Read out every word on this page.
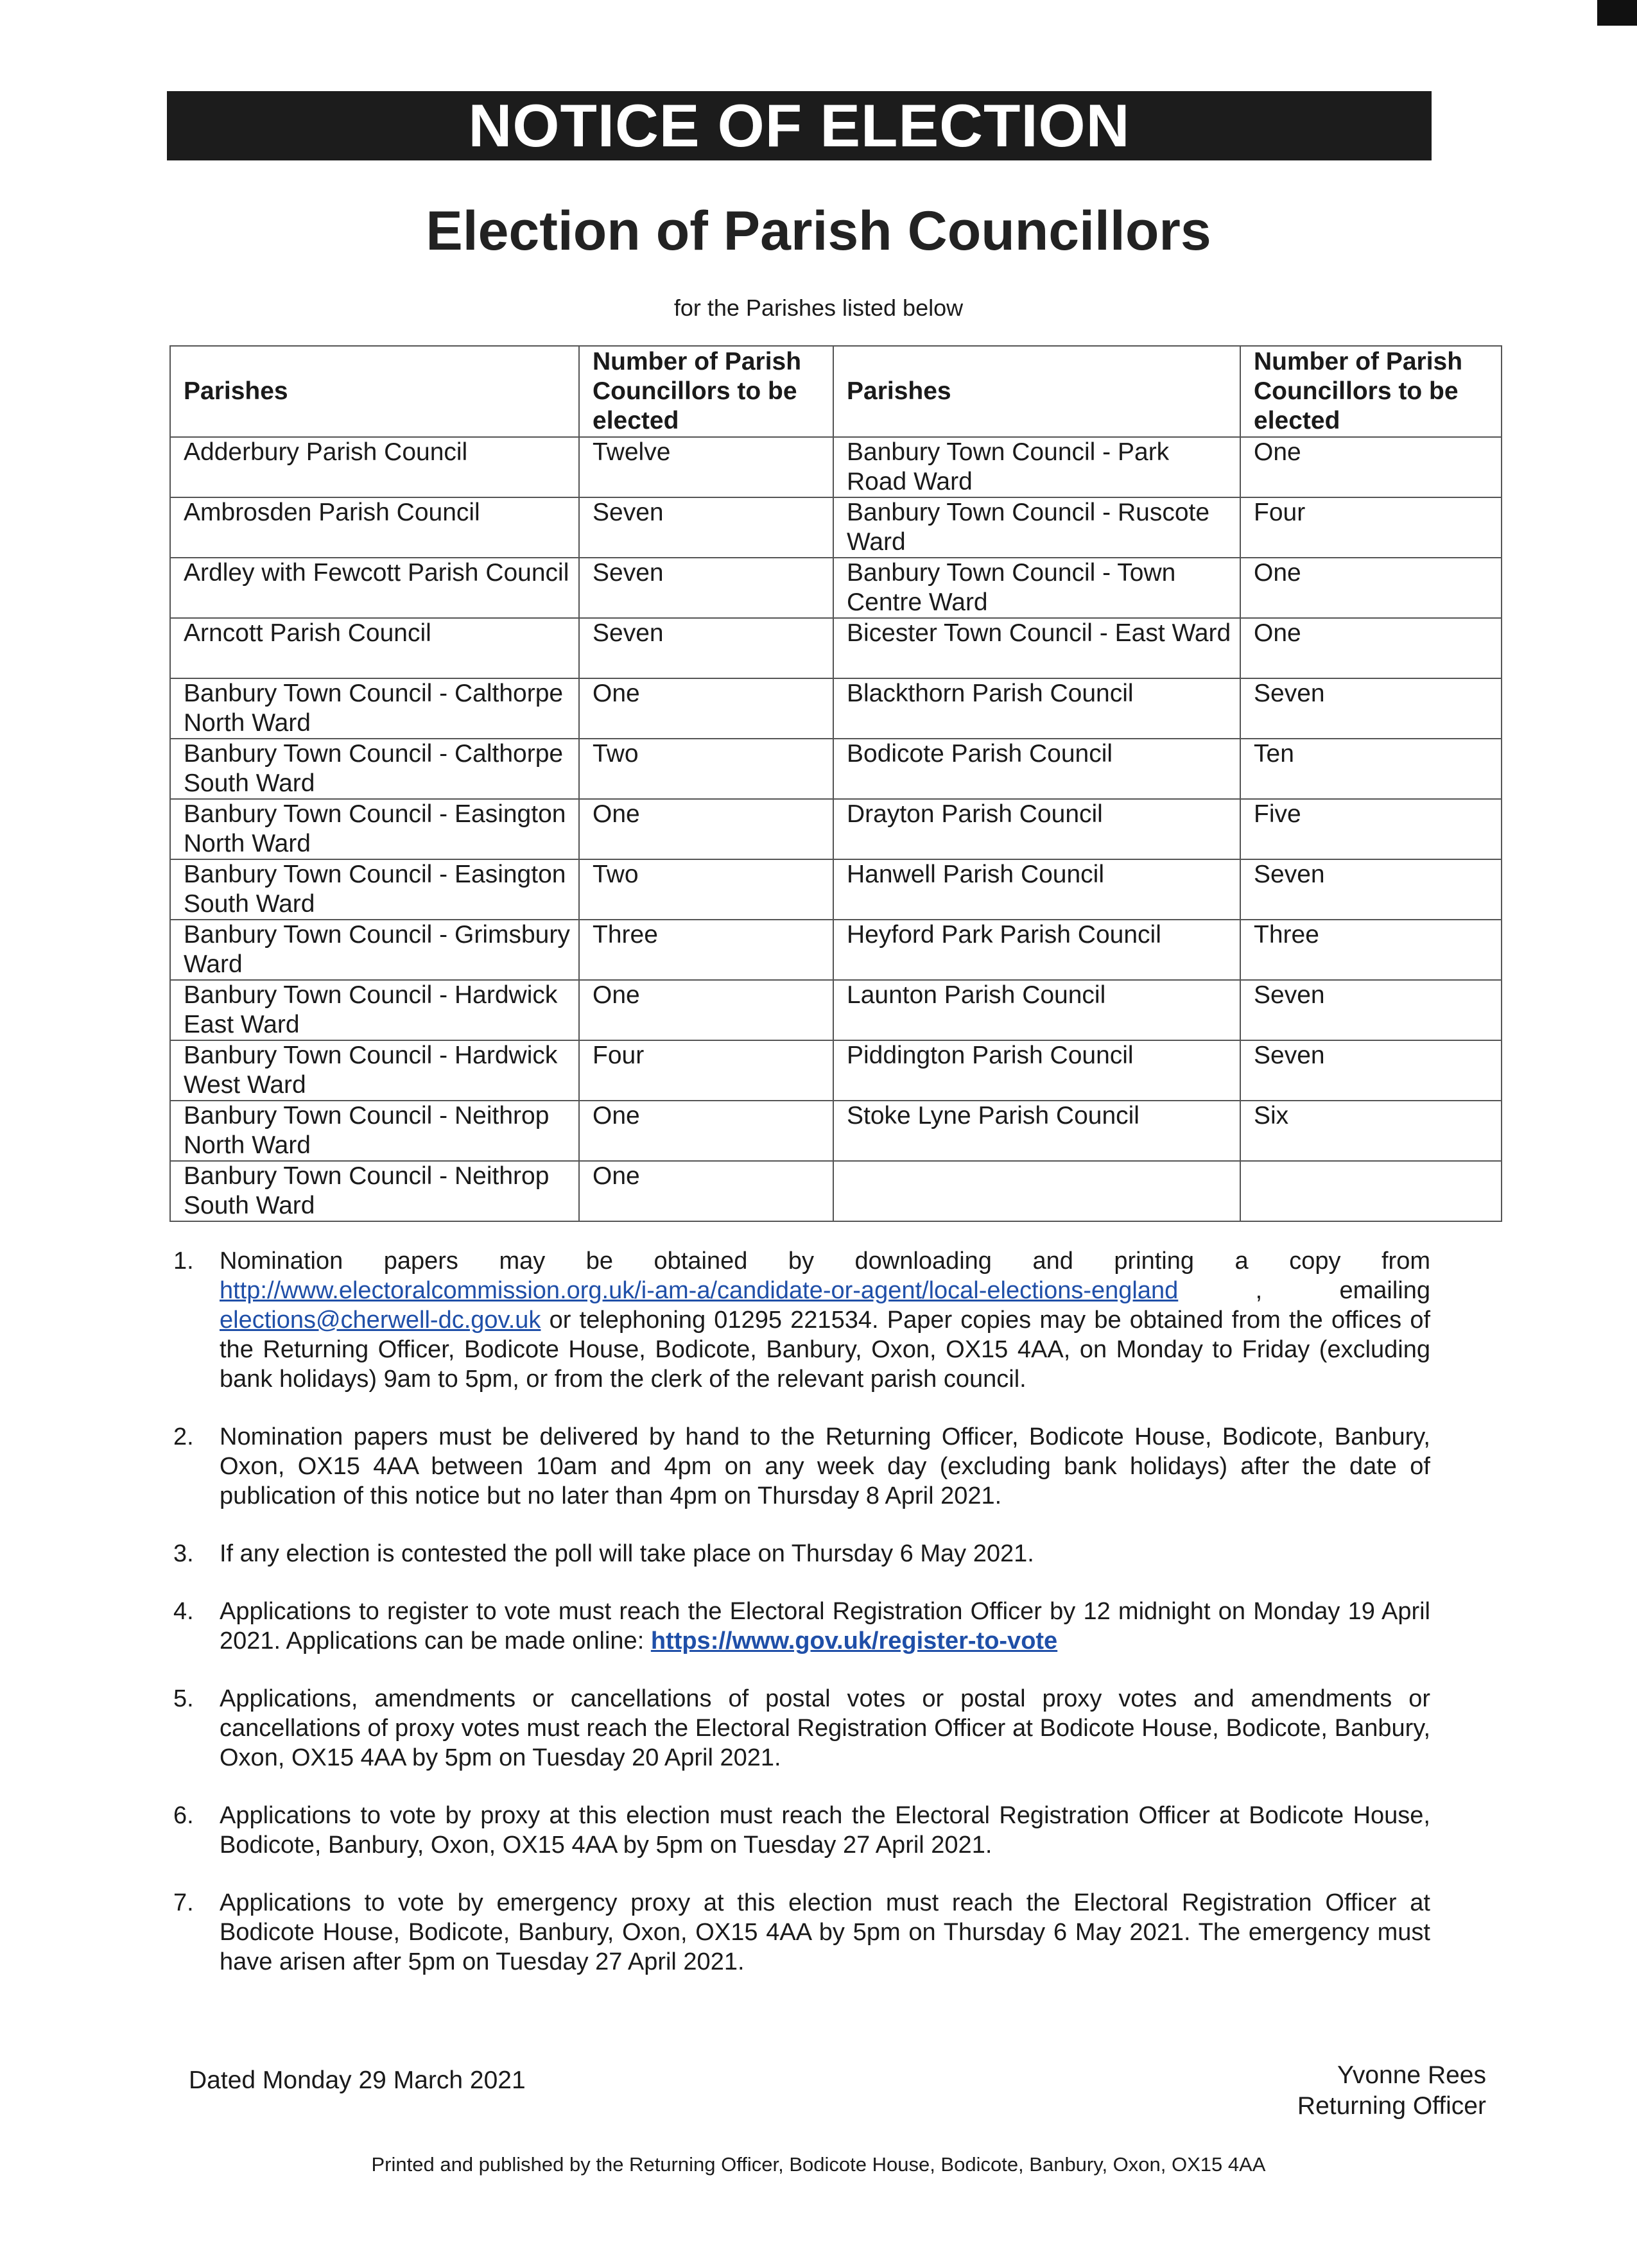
NOTICE OF ELECTION
Election of Parish Councillors
for the Parishes listed below
Parishes	Number of Parish Councillors to be elected	Parishes	Number of Parish Councillors to be elected
Adderbury Parish Council	Twelve	Banbury Town Council - Park Road Ward	One
Ambrosden Parish Council	Seven	Banbury Town Council - Ruscote Ward	Four
Ardley with Fewcott Parish Council	Seven	Banbury Town Council - Town Centre Ward	One
Arncott Parish Council	Seven	Bicester Town Council - East Ward	One
Banbury Town Council - Calthorpe North Ward	One	Blackthorn Parish Council	Seven
Banbury Town Council - Calthorpe South Ward	Two	Bodicote Parish Council	Ten
Banbury Town Council - Easington North Ward	One	Drayton Parish Council	Five
Banbury Town Council - Easington South Ward	Two	Hanwell Parish Council	Seven
Banbury Town Council - Grimsbury Ward	Three	Heyford Park Parish Council	Three
Banbury Town Council - Hardwick East Ward	One	Launton Parish Council	Seven
Banbury Town Council - Hardwick West Ward	Four	Piddington Parish Council	Seven
Banbury Town Council - Neithrop North Ward	One	Stoke Lyne Parish Council	Six
Banbury Town Council - Neithrop South Ward	One		
1. Nomination papers may be obtained by downloading and printing a copy from http://www.electoralcommission.org.uk/i-am-a/candidate-or-agent/local-elections-england	, emailing elections@cherwell-dc.gov.uk or telephoning 01295 221534. Paper copies may be obtained from the offices of the Returning Officer, Bodicote House, Bodicote, Banbury, Oxon, OX15 4AA, on Monday to Friday (excluding bank holidays) 9am to 5pm, or from the clerk of the relevant parish council.
2. Nomination papers must be delivered by hand to the Returning Officer, Bodicote House, Bodicote, Banbury, Oxon, OX15 4AA between 10am and 4pm on any week day (excluding bank holidays) after the date of publication of this notice but no later than 4pm on Thursday 8 April 2021.
3. If any election is contested the poll will take place on Thursday 6 May 2021.
4. Applications to register to vote must reach the Electoral Registration Officer by 12 midnight on Monday 19 April 2021. Applications can be made online: https://www.gov.uk/register-to-vote
5. Applications, amendments or cancellations of postal votes or postal proxy votes and amendments or cancellations of proxy votes must reach the Electoral Registration Officer at Bodicote House, Bodicote, Banbury, Oxon, OX15 4AA by 5pm on Tuesday 20 April 2021.
6. Applications to vote by proxy at this election must reach the Electoral Registration Officer at Bodicote House, Bodicote, Banbury, Oxon, OX15 4AA by 5pm on Tuesday 27 April 2021.
7. Applications to vote by emergency proxy at this election must reach the Electoral Registration Officer at Bodicote House, Bodicote, Banbury, Oxon, OX15 4AA by 5pm on Thursday 6 May 2021. The emergency must have arisen after 5pm on Tuesday 27 April 2021.
Dated Monday 29 March 2021	Yvonne Rees
Returning Officer
Printed and published by the Returning Officer, Bodicote House, Bodicote, Banbury, Oxon, OX15 4AA
